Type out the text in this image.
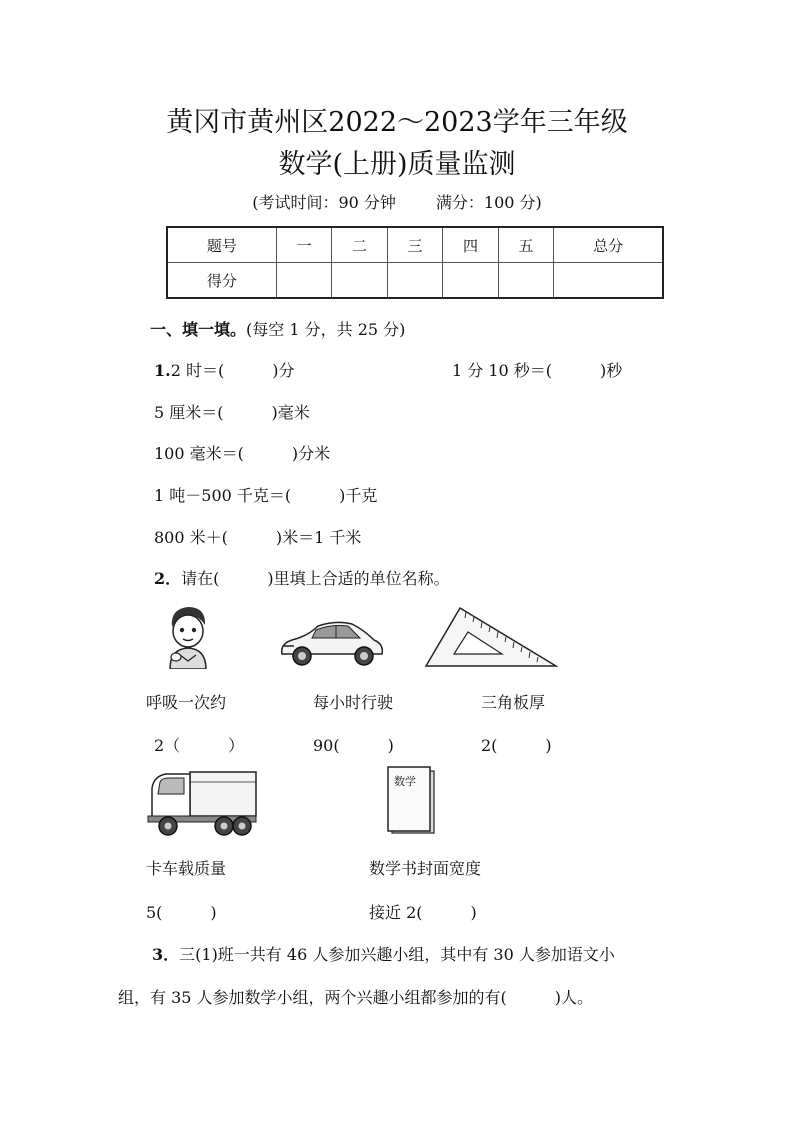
黄冈市黄州区2022～2023学年三年级
数学(上册)质量监测
(考试时间：90 分钟	满分：100 分)
题号	一	二	三	四	五	总分
得分						
一、填一填。(每空 1 分，共 25 分)
1.2 时＝(　　　)分	1 分 10 秒＝(　　　)秒
5 厘米＝(　　　)毫米
100 毫米＝(　　　)分米
1 吨－500 千克＝(　　　)千克
800 米＋(　　　)米＝1 千米
2．请在(　　　)里填上合适的单位名称。
呼吸一次约	每小时行驶	三角板厚
2（　　　）	90(　　　)	2(　　　)
数学
卡车载质量	数学书封面宽度
5(　　　)	接近 2(　　　)
3．三(1)班一共有 46 人参加兴趣小组，其中有 30 人参加语文小
组，有 35 人参加数学小组，两个兴趣小组都参加的有(　　　)人。
